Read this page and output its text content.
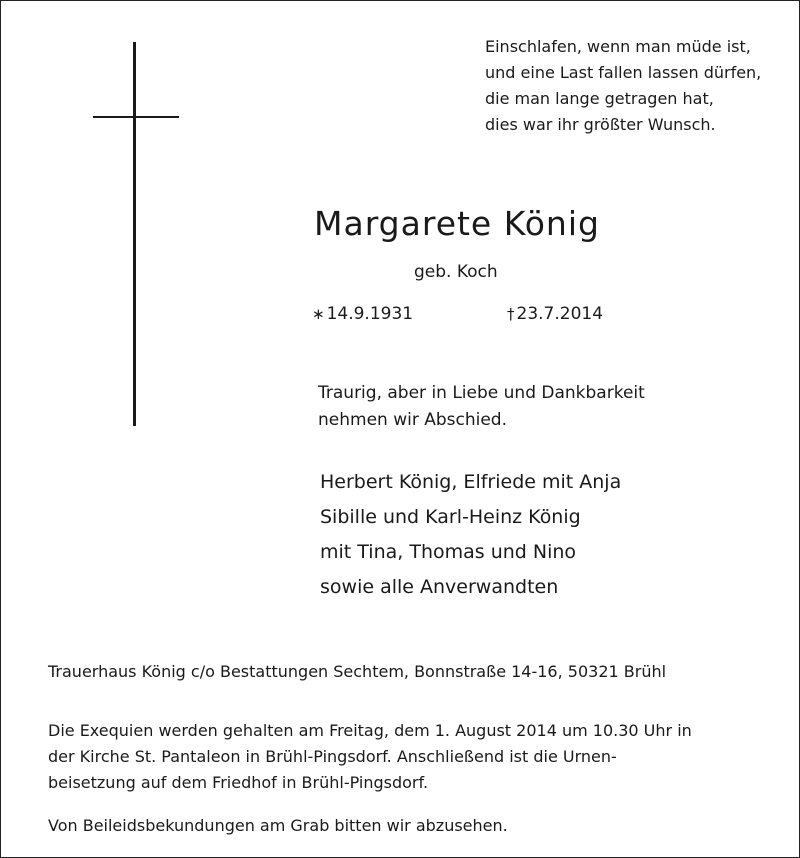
Einschlafen, wenn man müde ist,
und eine Last fallen lassen dürfen,
die man lange getragen hat,
dies war ihr größter Wunsch.
Margarete König
geb. Koch
∗ 14.9.1931	† 23.7.2014
Traurig, aber in Liebe und Dankbarkeit
nehmen wir Abschied.
Herbert König, Elfriede mit Anja
Sibille und Karl-Heinz König
mit Tina, Thomas und Nino
sowie alle Anverwandten
Trauerhaus König c/o Bestattungen Sechtem, Bonnstraße 14-16, 50321 Brühl
Die Exequien werden gehalten am Freitag, dem 1. August 2014 um 10.30 Uhr in
der Kirche St. Pantaleon in Brühl-Pingsdorf. Anschließend ist die Urnen-
beisetzung auf dem Friedhof in Brühl-Pingsdorf.
Von Beileidsbekundungen am Grab bitten wir abzusehen.
